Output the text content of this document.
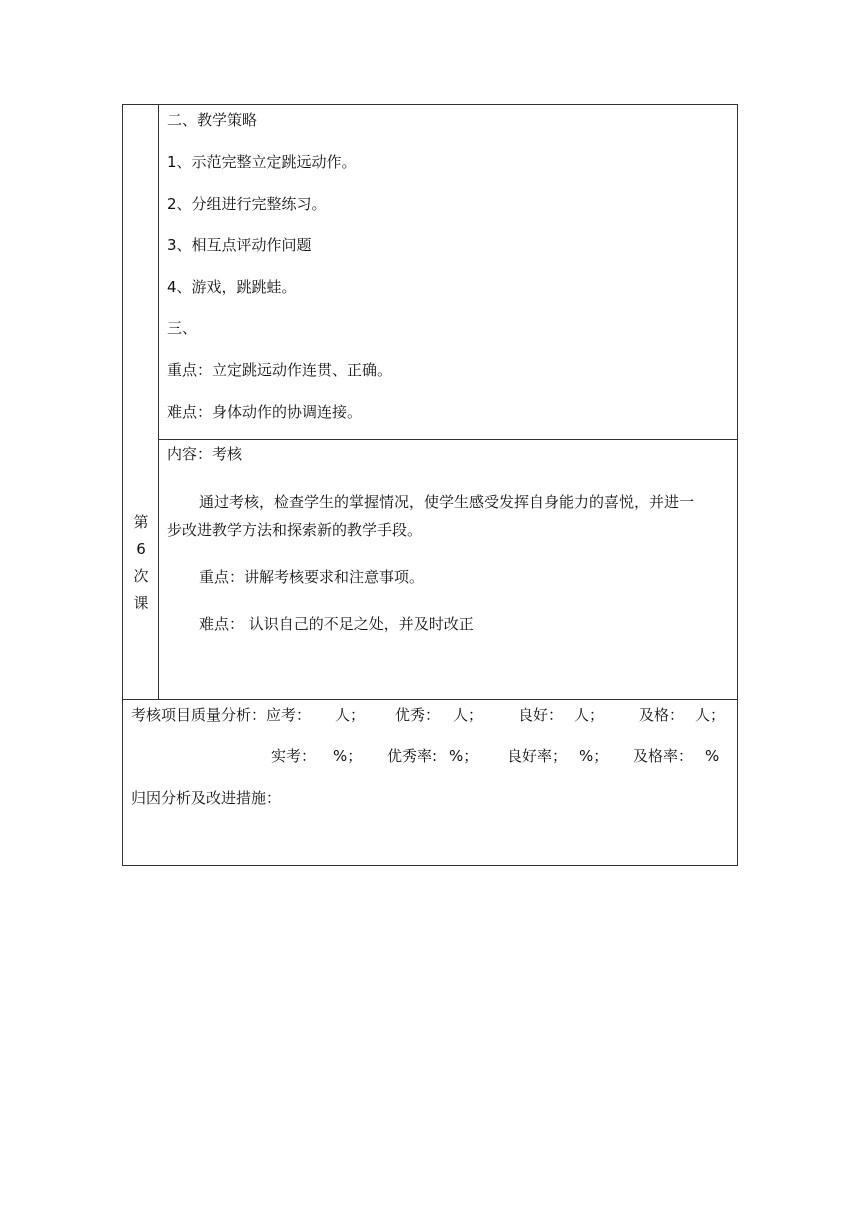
二、教学策略
1、示范完整立定跳远动作。
2、分组进行完整练习。
3、相互点评动作问题
4、游戏，跳跳蛙。
三、
重点：立定跳远动作连贯、正确。
难点：身体动作的协调连接。
第
6
次
课
内容：考核
通过考核，检查学生的掌握情况，使学生感受发挥自身能力的喜悦，并进一
步改进教学方法和探索新的教学手段。
重点：讲解考核要求和注意事项。
难点： 认识自己的不足之处，并及时改正
考核项目质量分析：应考： 人； 优秀： 人； 良好： 人； 及格： 人；
实考： %； 优秀率: %； 良好率； %； 及格率： %
归因分析及改进措施：
